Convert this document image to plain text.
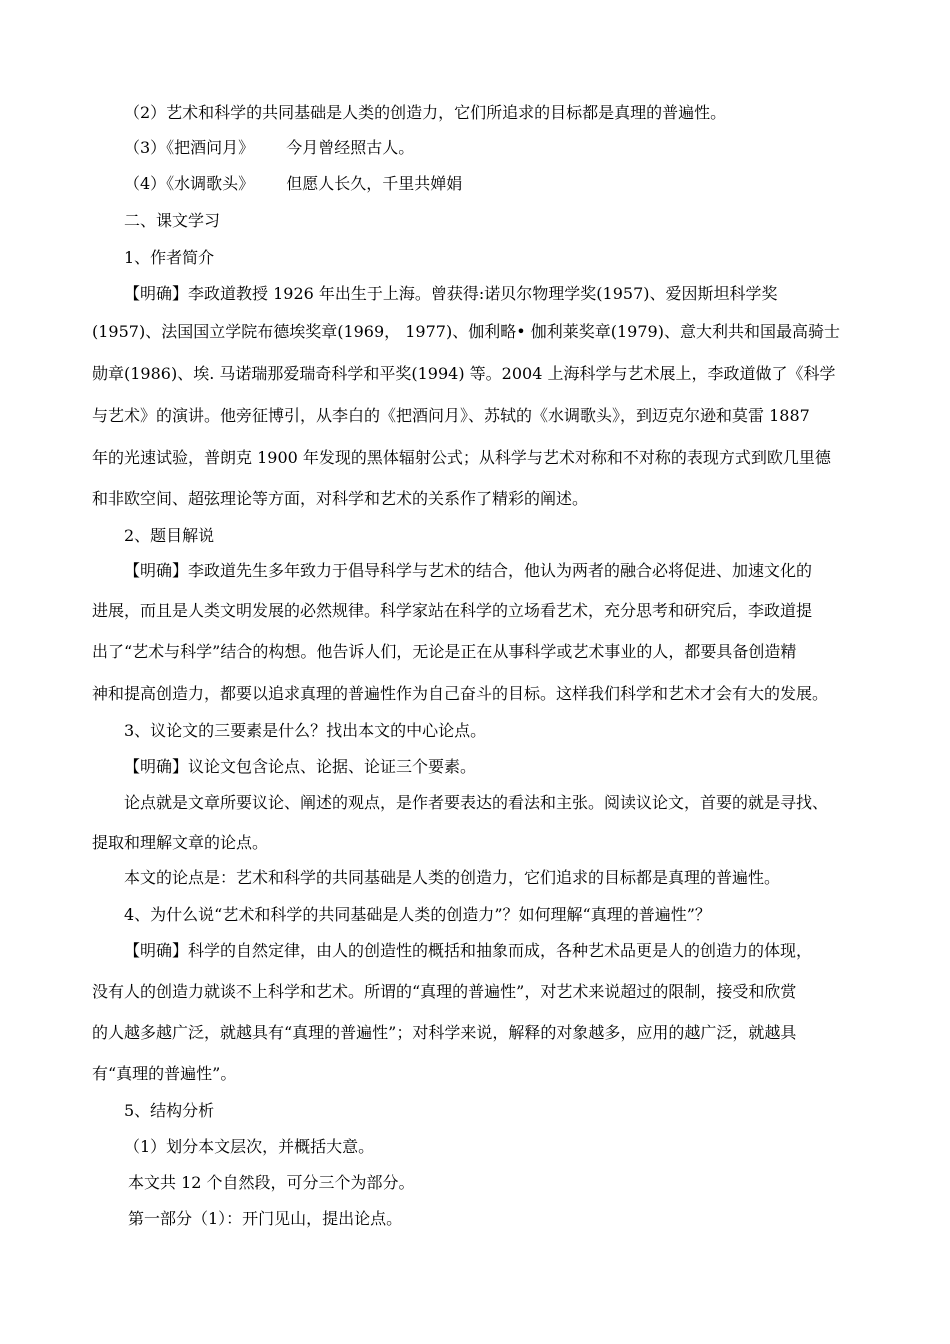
（2）艺术和科学的共同基础是人类的创造力，它们所追求的目标都是真理的普遍性。
（3）《把酒问月》 今月曾经照古人。
（4）《水调歌头》 但愿人长久，千里共婵娟
二、课文学习
1、作者简介
【明确】李政道教授 1926 年出生于上海。曾获得:诺贝尔物理学奖(1957)、爱因斯坦科学奖
(1957)、法国国立学院布德埃奖章(1969， 1977)、伽利略• 伽利莱奖章(1979)、意大利共和国最高骑士
勋章(1986)、埃. 马诺瑞那爱瑞奇科学和平奖(1994) 等。2004 上海科学与艺术展上，李政道做了《科学
与艺术》的演讲。他旁征博引，从李白的《把酒问月》、苏轼的《水调歌头》，到迈克尔逊和莫雷 1887
年的光速试验，普朗克 1900 年发现的黑体辐射公式；从科学与艺术对称和不对称的表现方式到欧几里德
和非欧空间、超弦理论等方面，对科学和艺术的关系作了精彩的阐述。
2、题目解说
【明确】李政道先生多年致力于倡导科学与艺术的结合，他认为两者的融合必将促进、加速文化的
进展，而且是人类文明发展的必然规律。科学家站在科学的立场看艺术，充分思考和研究后，李政道提
出了“艺术与科学”结合的构想。他告诉人们，无论是正在从事科学或艺术事业的人，都要具备创造精
神和提高创造力，都要以追求真理的普遍性作为自己奋斗的目标。这样我们科学和艺术才会有大的发展。
3、议论文的三要素是什么？找出本文的中心论点。
【明确】议论文包含论点、论据、论证三个要素。
论点就是文章所要议论、阐述的观点，是作者要表达的看法和主张。阅读议论文，首要的就是寻找、
提取和理解文章的论点。
本文的论点是：艺术和科学的共同基础是人类的创造力，它们追求的目标都是真理的普遍性。
4、为什么说“艺术和科学的共同基础是人类的创造力”？如何理解“真理的普遍性”？
【明确】科学的自然定律，由人的创造性的概括和抽象而成，各种艺术品更是人的创造力的体现，
没有人的创造力就谈不上科学和艺术。所谓的“真理的普遍性”，对艺术来说超过的限制，接受和欣赏
的人越多越广泛，就越具有“真理的普遍性”；对科学来说，解释的对象越多，应用的越广泛，就越具
有“真理的普遍性”。
5、结构分析
（1）划分本文层次，并概括大意。
本文共 12 个自然段，可分三个为部分。
第一部分（1）：开门见山，提出论点。
